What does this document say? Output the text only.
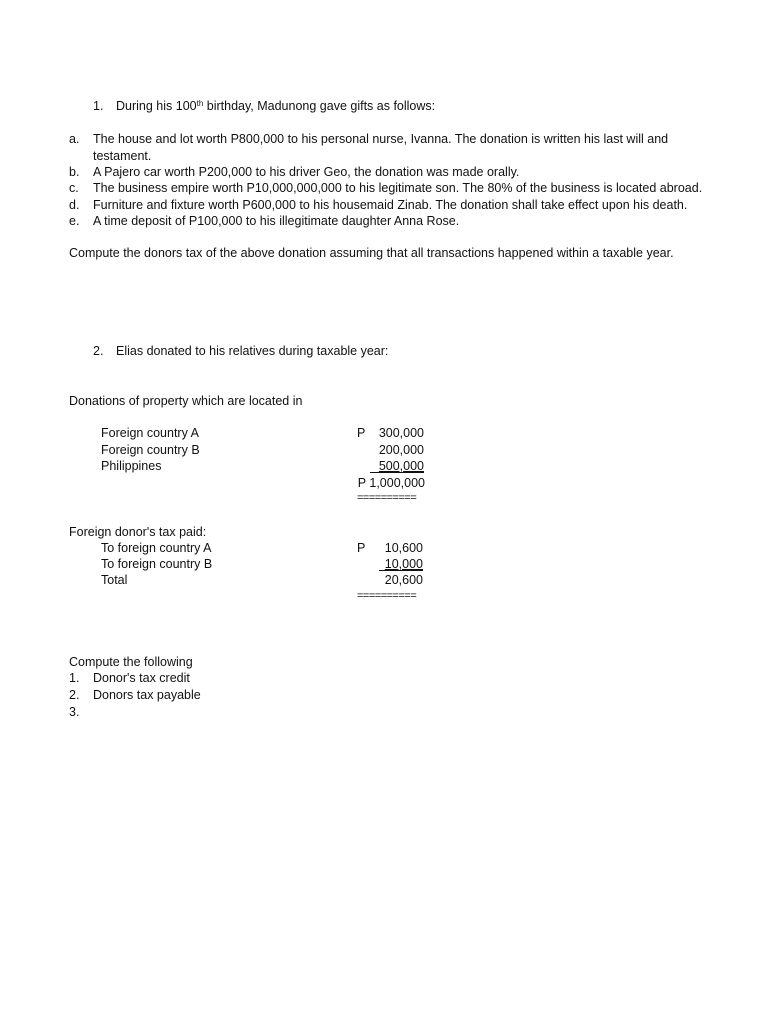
1. During his 100th birthday, Madunong gave gifts as follows:
a. The house and lot worth P800,000 to his personal nurse, Ivanna. The donation is written his last will and testament.
b. A Pajero car worth P200,000 to his driver Geo, the donation was made orally.
c. The business empire worth P10,000,000,000 to his legitimate son. The 80% of the business is located abroad.
d. Furniture and fixture worth P600,000 to his housemaid Zinab. The donation shall take effect upon his death.
e. A time deposit of P100,000 to his illegitimate daughter Anna Rose.
Compute the donors tax of the above donation assuming that all transactions happened within a taxable year.
2. Elias donated to his relatives during taxable year:
Donations of property which are located in
Foreign country A	P	300,000
Foreign country B	200,000
Philippines	500,000
P 1,000,000
==========
Foreign donor's tax paid:
To foreign country A	P	10,600
To foreign country B	10,000
Total	20,600
==========
Compute the following
1. Donor's tax credit
2. Donors tax payable
3.
